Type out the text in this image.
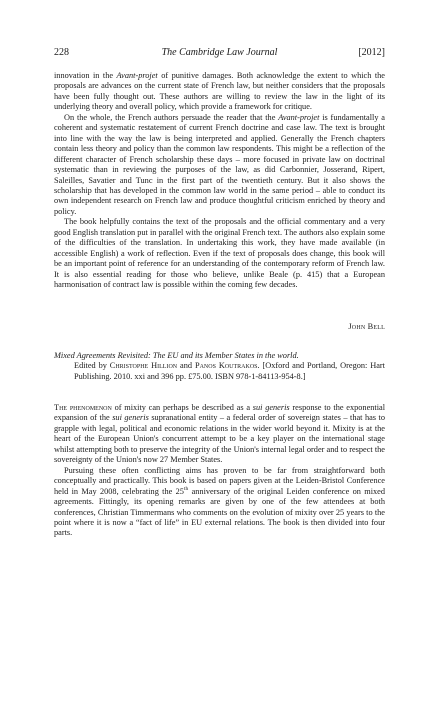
228	The Cambridge Law Journal	[2012]

innovation in the Avant-projet of punitive damages. Both acknowledge the extent to which the proposals are advances on the current state of French law, but neither considers that the proposals have been fully thought out. These authors are willing to review the law in the light of its underlying theory and overall policy, which provide a framework for critique.

On the whole, the French authors persuade the reader that the Avant-projet is fundamentally a coherent and systematic restatement of current French doctrine and case law. The text is brought into line with the way the law is being interpreted and applied. Generally the French chapters contain less theory and policy than the common law respondents. This might be a reflection of the different character of French scholarship these days – more focused in private law on doctrinal systematic than in reviewing the purposes of the law, as did Carbonnier, Josserand, Ripert, Saleilles, Savatier and Tunc in the first part of the twentieth century. But it also shows the scholarship that has developed in the common law world in the same period – able to conduct its own independent research on French law and produce thoughtful criticism enriched by theory and policy.

The book helpfully contains the text of the proposals and the official commentary and a very good English translation put in parallel with the original French text. The authors also explain some of the difficulties of the translation. In undertaking this work, they have made available (in accessible English) a work of reflection. Even if the text of proposals does change, this book will be an important point of reference for an understanding of the contemporary reform of French law. It is also essential reading for those who believe, unlike Beale (p. 415) that a European harmonisation of contract law is possible within the coming few decades.

John Bell
Mixed Agreements Revisited: The EU and its Member States in the world.
Edited by Christophe Hillion and Panos Koutrakos. [Oxford and Portland, Oregon: Hart Publishing. 2010. xxi and 396 pp. £75.00. ISBN 978-1-84113-954-8.]

The phenomenon of mixity can perhaps be described as a sui generis response to the exponential expansion of the sui generis supranational entity – a federal order of sovereign states – that has to grapple with legal, political and economic relations in the wider world beyond it. Mixity is at the heart of the European Union's concurrent attempt to be a key player on the international stage whilst attempting both to preserve the integrity of the Union's internal legal order and to respect the sovereignty of the Union's now 27 Member States.

Pursuing these often conflicting aims has proven to be far from straightforward both conceptually and practically. This book is based on papers given at the Leiden-Bristol Conference held in May 2008, celebrating the 25th anniversary of the original Leiden conference on mixed agreements. Fittingly, its opening remarks are given by one of the few attendees at both conferences, Christian Timmermans who comments on the evolution of mixity over 25 years to the point where it is now a “fact of life” in EU external relations. The book is then divided into four parts.
